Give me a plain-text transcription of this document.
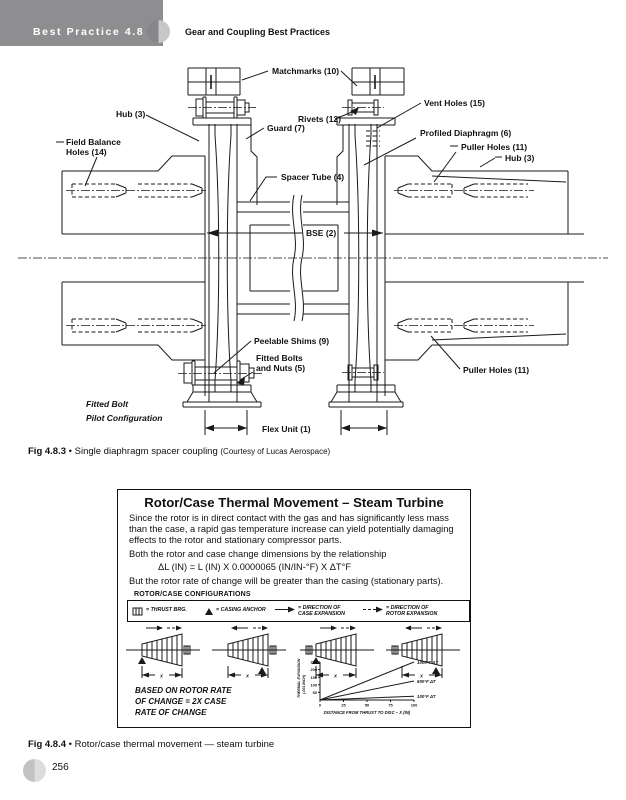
Best Practice 4.8	Gear and Coupling Best Practices
Matchmarks (10)
Vent Holes (15)
Hub (3)	Rivets (12)
Guard (7)	Profiled Diaphragm (6)
Field Balance
Holes (14)	Puller Holes (11)
Hub (3)
Spacer Tube (4)
BSE (2)
Peelable Shims (9)
Fitted Bolts
and Nuts (5)	Puller Holes (11)
Fitted Bolt
Pilot Configuration
Flex Unit (1)
Fig 4.8.3 • Single diaphragm spacer coupling (Courtesy of Lucas Aerospace)
Rotor/Case Thermal Movement – Steam Turbine
Since the rotor is in direct contact with the gas and has significantly less mass than the case, a rapid gas temperature increase can yield potentially damaging effects to the rotor and stationary compressor parts.
Both the rotor and case change dimensions by the relationship
ΔL (IN) = L (IN) X 0.0000065 (IN/IN-°F) X ΔT°F
But the rotor rate of change will be greater than the casing (stationary parts).
ROTOR/CASE CONFIGURATIONS
= THRUST BRG.	= CASING ANCHOR	= DIRECTION OF CASE EXPANSION
= DIRECTION OF ROTOR EXPANSION
X	X	X	X
BASED ON ROTOR RATE
OF CHANGE = 2X CASE
RATE OF CHANGE
50
100
150
200
250
0	25	50	75	100
1000°F ΔT
500°F ΔT
100°F ΔT
DISTANCE FROM THRUST TO DISC – X (IN)
THERMAL EXPANSION (.001 INCH)
Fig 4.8.4 • Rotor/case thermal movement — steam turbine
256
